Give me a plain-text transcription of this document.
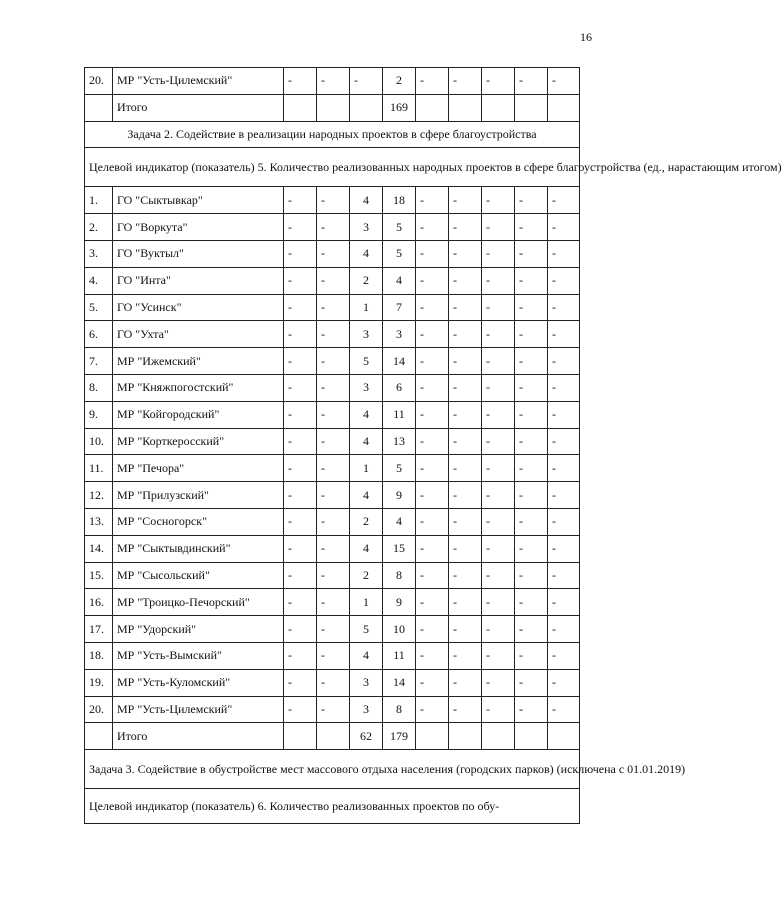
16
20.	МР "Усть-Цилемский"	-	-	-	2	-	-	-	-	-
	Итого				169					
Задача 2. Содействие в реализации народных проектов в сфере благоустройства										
Целевой индикатор (показатель) 5. Количество реализованных народных проектов в сфере благоустройства (ед., нарастающим итогом)										
1.	ГО "Сыктывкар"	-	-	4	18	-	-	-	-	-
2.	ГО "Воркута"	-	-	3	5	-	-	-	-	-
3.	ГО "Вуктыл"	-	-	4	5	-	-	-	-	-
4.	ГО "Инта"	-	-	2	4	-	-	-	-	-
5.	ГО "Усинск"	-	-	1	7	-	-	-	-	-
6.	ГО "Ухта"	-	-	3	3	-	-	-	-	-
7.	МР "Ижемский"	-	-	5	14	-	-	-	-	-
8.	МР "Княжпогостский"	-	-	3	6	-	-	-	-	-
9.	МР "Койгородский"	-	-	4	11	-	-	-	-	-
10.	МР "Корткеросский"	-	-	4	13	-	-	-	-	-
11.	МР "Печора"	-	-	1	5	-	-	-	-	-
12.	МР "Прилузский"	-	-	4	9	-	-	-	-	-
13.	МР "Сосногорск"	-	-	2	4	-	-	-	-	-
14.	МР "Сыктывдинский"	-	-	4	15	-	-	-	-	-
15.	МР "Сысольский"	-	-	2	8	-	-	-	-	-
16.	МР "Троицко-Печорский"	-	-	1	9	-	-	-	-	-
17.	МР "Удорский"	-	-	5	10	-	-	-	-	-
18.	МР "Усть-Вымский"	-	-	4	11	-	-	-	-	-
19.	МР "Усть-Куломский"	-	-	3	14	-	-	-	-	-
20.	МР "Усть-Цилемский"	-	-	3	8	-	-	-	-	-
	Итого			62	179					
Задача 3. Содействие в обустройстве мест массового отдыха населения (городских парков) (исключена с 01.01.2019)										
Целевой индикатор (показатель) 6. Количество реализованных проектов по обу-										
